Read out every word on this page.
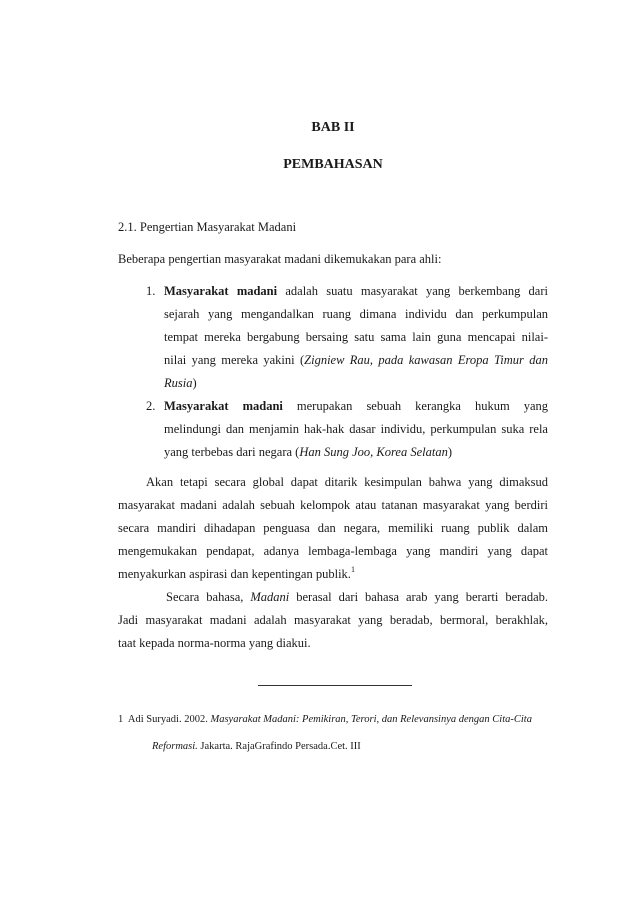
BAB II
PEMBAHASAN
2.1. Pengertian Masyarakat Madani
Beberapa pengertian masyarakat madani dikemukakan para ahli:
1. Masyarakat madani adalah suatu masyarakat yang berkembang dari
sejarah yang mengandalkan ruang dimana individu dan perkumpulan
tempat mereka bergabung bersaing satu sama lain guna mencapai nilai-
nilai yang mereka yakini (Zigniew Rau, pada kawasan Eropa Timur dan
Rusia)
2. Masyarakat madani merupakan sebuah kerangka hukum yang
melindungi dan menjamin hak-hak dasar individu, perkumpulan suka rela
yang terbebas dari negara (Han Sung Joo, Korea Selatan)
Akan tetapi secara global dapat ditarik kesimpulan bahwa yang dimaksud
masyarakat madani adalah sebuah kelompok atau tatanan masyarakat yang berdiri
secara mandiri dihadapan penguasa dan negara, memiliki ruang publik dalam
mengemukakan pendapat, adanya lembaga-lembaga yang mandiri yang dapat
menyakurkan aspirasi dan kepentingan publik.$^1$
Secara bahasa, Madani berasal dari bahasa arab yang berarti beradab.
Jadi masyarakat madani adalah masyarakat yang beradab, bermoral, berakhlak,
taat kepada norma-norma yang diakui.
1 Adi Suryadi. 2002. Masyarakat Madani: Pemikiran, Terori, dan Relevansinya dengan Cita-Cita
Reformasi. Jakarta. RajaGrafindo Persada.Cet. III
